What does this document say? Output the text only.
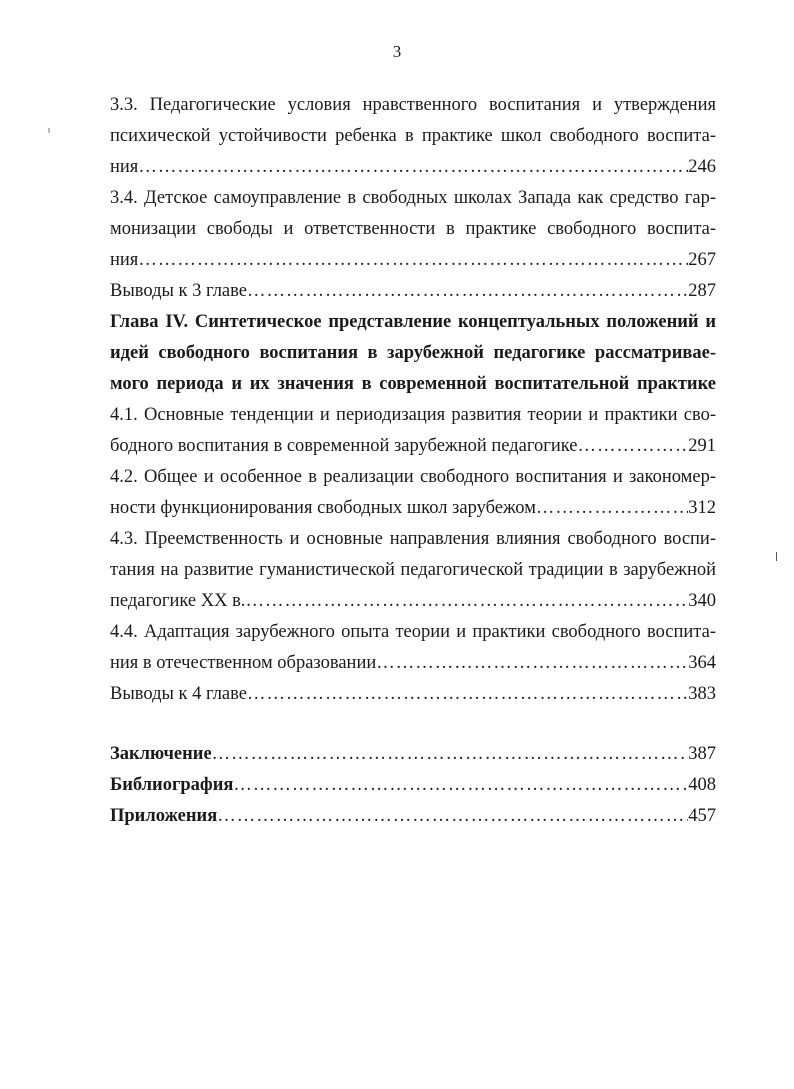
3
3.3. Педагогические условия нравственного воспитания и утверждения
психической устойчивости ребенка в практике школ свободного воспита-
ния ………………………………………………………………………………………………………………………………………………………	246
3.4. Детское самоуправление в свободных школах Запада как средство гар-
монизации свободы и ответственности в практике свободного воспита-
ния ………………………………………………………………………………………………………………………………………………………	267
Выводы к 3 главе ………………………………………………………………………………………………………………………………………………………	287
Глава IV. Синтетическое представление концептуальных положений и
идей свободного воспитания в зарубежной педагогике рассматривае-
мого периода и их значения в современной воспитательной практике
4.1. Основные тенденции и периодизация развития теории и практики сво-
бодного воспитания в современной зарубежной педагогике ………………………………………………………………………………………………………………………………………………………	291
4.2. Общее и особенное в реализации свободного воспитания и закономер-
ности функционирования свободных школ зарубежом ………………………………………………………………………………………………………………………………………………………	312
4.3. Преемственность и основные направления влияния свободного воспи-
тания на развитие гуманистической педагогической традиции в зарубежной
педагогике XX в. ………………………………………………………………………………………………………………………………………………………	340
4.4. Адаптация зарубежного опыта теории и практики свободного воспита-
ния в отечественном образовании ………………………………………………………………………………………………………………………………………………………	364
Выводы к 4 главе ………………………………………………………………………………………………………………………………………………………	383
Заключение ………………………………………………………………………………………………………………………………………………………	387
Библиография ………………………………………………………………………………………………………………………………………………………	408
Приложения ………………………………………………………………………………………………………………………………………………………	457
